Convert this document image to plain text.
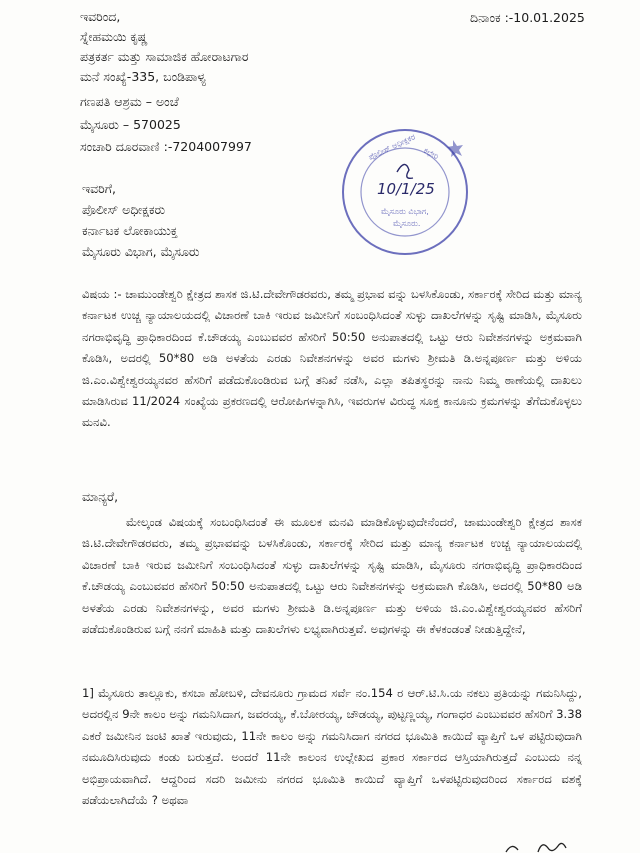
ದಿನಾಂಕ :-10.01.2025
ಇವರಿಂದ,
ಸ್ನೇಹಮಯಿ ಕೃಷ್ಣ
ಪತ್ರಕರ್ತ ಮತ್ತು ಸಾಮಾಜಿಕ ಹೋರಾಟಗಾರ
ಮನೆ ಸಂಖ್ಯೆ-335, ಬಂಡಿಪಾಳ್ಯ
ಗಣಪತಿ ಆಶ್ರಮ – ಅಂಚೆ
ಮೈಸೂರು – 570025
ಸಂಚಾರಿ ದೂರವಾಣಿ :-7204007997
ಇವರಿಗೆ,
ಪೊಲೀಸ್ ಅಧೀಕ್ಷಕರು
ಕರ್ನಾಟಕ ಲೋಕಾಯುಕ್ತ
ಮೈಸೂರು ವಿಭಾಗ, ಮೈಸೂರು
ಪೊಲೀಸ್ ಅಧೀಕ್ಷಕರ ಕಛೇರಿ
ಮೈಸೂರು ವಿಭಾಗ,
ಮೈಸೂರು.
10/1/25
ವಿಷಯ :- ಚಾಮುಂಡೇಶ್ವರಿ ಕ್ಷೇತ್ರದ ಶಾಸಕ ಜಿ.ಟಿ.ದೇವೇಗೌಡರವರು, ತಮ್ಮ ಪ್ರಭಾವ ವನ್ನು ಬಳಸಿಕೊಂಡು, ಸರ್ಕಾರಕ್ಕೆ ಸೇರಿದ ಮತ್ತು ಮಾನ್ಯ ಕರ್ನಾಟಕ ಉಚ್ಚ ನ್ಯಾಯಾಲಯದಲ್ಲಿ ವಿಚಾರಣೆ ಬಾಕಿ ಇರುವ ಜಮೀನಿಗೆ ಸಂಬಂಧಿಸಿದಂತೆ ಸುಳ್ಳು ದಾಖಲೆಗಳನ್ನು ಸೃಷ್ಟಿ ಮಾಡಿಸಿ, ಮೈಸೂರು ನಗರಾಭಿವೃದ್ಧಿ ಪ್ರಾಧಿಕಾರದಿಂದ ಕೆ.ಚೌಡಯ್ಯ ಎಂಬುವವರ ಹೆಸರಿಗೆ 50:50 ಅನುಪಾತದಲ್ಲಿ ಒಟ್ಟು ಆರು ನಿವೇಶನಗಳನ್ನು ಅಕ್ರಮವಾಗಿ ಕೊಡಿಸಿ, ಅದರಲ್ಲಿ 50*80 ಅಡಿ ಅಳತೆಯ ಎರಡು ನಿವೇಶನಗಳನ್ನು ಅವರ ಮಗಳು ಶ್ರೀಮತಿ ಡಿ.ಅನ್ನಪೂರ್ಣ ಮತ್ತು ಅಳಿಯ ಜಿ.ಎಂ.ವಿಶ್ವೇಶ್ವರಯ್ಯನವರ ಹೆಸರಿಗೆ ಪಡೆದುಕೊಂಡಿರುವ ಬಗ್ಗೆ ತನಿಖೆ ನಡೆಸಿ, ಎಲ್ಲಾ ತಪಿತಸ್ಥರನ್ನು ನಾನು ನಿಮ್ಮ ಠಾಣೆಯಲ್ಲಿ ದಾಖಲು ಮಾಡಿಸಿರುವ 11/2024 ಸಂಖ್ಯೆಯ ಪ್ರಕರಣದಲ್ಲಿ ಆರೋಪಿಗಳನ್ನಾಗಿಸಿ, ಇವರುಗಳ ವಿರುದ್ಧ ಸೂಕ್ತ ಕಾನೂನು ಕ್ರಮಗಳನ್ನು ತೆಗೆದುಕೊಳ್ಳಲು ಮನವಿ.
ಮಾನ್ಯರೆ,
ಮೇಲ್ಕಂಡ ವಿಷಯಕ್ಕೆ ಸಂಬಂಧಿಸಿದಂತೆ ಈ ಮೂಲಕ ಮನವಿ ಮಾಡಿಕೊಳ್ಳುವುದೇನೆಂದರೆ, ಚಾಮುಂಡೇಶ್ವರಿ ಕ್ಷೇತ್ರದ ಶಾಸಕ ಜಿ.ಟಿ.ದೇವೇಗೌಡರವರು, ತಮ್ಮ ಪ್ರಭಾವವನ್ನು ಬಳಸಿಕೊಂಡು, ಸರ್ಕಾರಕ್ಕೆ ಸೇರಿದ ಮತ್ತು ಮಾನ್ಯ ಕರ್ನಾಟಕ ಉಚ್ಚ ನ್ಯಾಯಾಲಯದಲ್ಲಿ ವಿಚಾರಣೆ ಬಾಕಿ ಇರುವ ಜಮೀನಿಗೆ ಸಂಬಂಧಿಸಿದಂತೆ ಸುಳ್ಳು ದಾಖಲೆಗಳನ್ನು ಸೃಷ್ಟಿ ಮಾಡಿಸಿ, ಮೈಸೂರು ನಗರಾಭಿವೃದ್ಧಿ ಪ್ರಾಧಿಕಾರದಿಂದ ಕೆ.ಚೌಡಯ್ಯ ಎಂಬುವವರ ಹೆಸರಿಗೆ 50:50 ಅನುಪಾತದಲ್ಲಿ ಒಟ್ಟು ಆರು ನಿವೇಶನಗಳನ್ನು ಅಕ್ರಮವಾಗಿ ಕೊಡಿಸಿ, ಅದರಲ್ಲಿ 50*80 ಅಡಿ ಅಳತೆಯ ಎರಡು ನಿವೇಶನಗಳನ್ನು, ಅವರ ಮಗಳು ಶ್ರೀಮತಿ ಡಿ.ಅನ್ನಪೂರ್ಣ ಮತ್ತು ಅಳಿಯ ಜಿ.ಎಂ.ವಿಶ್ವೇಶ್ವರಯ್ಯನವರ ಹೆಸರಿಗೆ ಪಡೆದುಕೊಂಡಿರುವ ಬಗ್ಗೆ ನನಗೆ ಮಾಹಿತಿ ಮತ್ತು ದಾಖಲೆಗಳು ಲಭ್ಯವಾಗಿರುತ್ತವೆ. ಅವುಗಳನ್ನು ಈ ಕೆಳಕಂಡಂತೆ ನೀಡುತ್ತಿದ್ದೇನೆ,
1] ಮೈಸೂರು ತಾಲ್ಲೂಕು, ಕಸಬಾ ಹೋಬಳಿ, ದೇವನೂರು ಗ್ರಾಮದ ಸರ್ವೆ ನಂ.154 ರ ಆರ್.ಟಿ.ಸಿ.ಯ ನಕಲು ಪ್ರತಿಯನ್ನು ಗಮನಿಸಿದ್ದು, ಅದರಲ್ಲಿನ 9ನೇ ಕಾಲಂ ಅನ್ನು ಗಮನಿಸಿದಾಗ, ಜವರಯ್ಯ, ಕೆ.ಬೋರಯ್ಯ, ಚೌಡಯ್ಯ, ಪುಟ್ಟಣ್ಣಯ್ಯ, ಗಂಗಾಧರ ಎಂಬುವವರ ಹೆಸರಿಗೆ 3.38 ಎಕರೆ ಜಮೀನಿನ ಜಂಟಿ ಖಾತೆ ಇರುವುದು, 11ನೇ ಕಾಲಂ ಅನ್ನು ಗಮನಿಸಿದಾಗ ನಗರದ ಭೂಮಿತಿ ಕಾಯಿದೆ ವ್ಯಾಪ್ತಿಗೆ ಒಳ ಪಟ್ಟಿರುವುದಾಗಿ ನಮೂದಿಸಿರುವುದು ಕಂಡು ಬರುತ್ತದೆ. ಅಂದರೆ 11ನೇ ಕಾಲಂನ ಉಲ್ಲೇಖದ ಪ್ರಕಾರ ಸರ್ಕಾರದ ಆಸ್ತಿಯಾಗಿರುತ್ತದೆ ಎಂಬುದು ನನ್ನ ಅಭಿಪ್ರಾಯವಾಗಿದೆ. ಆದ್ದರಿಂದ ಸದರಿ ಜಮೀನು ನಗರದ ಭೂಮಿತಿ ಕಾಯಿದೆ ವ್ಯಾಪ್ತಿಗೆ ಒಳಪಟ್ಟಿರುವುದರಿಂದ ಸರ್ಕಾರದ ವಶಕ್ಕೆ ಪಡೆಯಲಾಗಿದೆಯೆ ? ಅಥವಾ
